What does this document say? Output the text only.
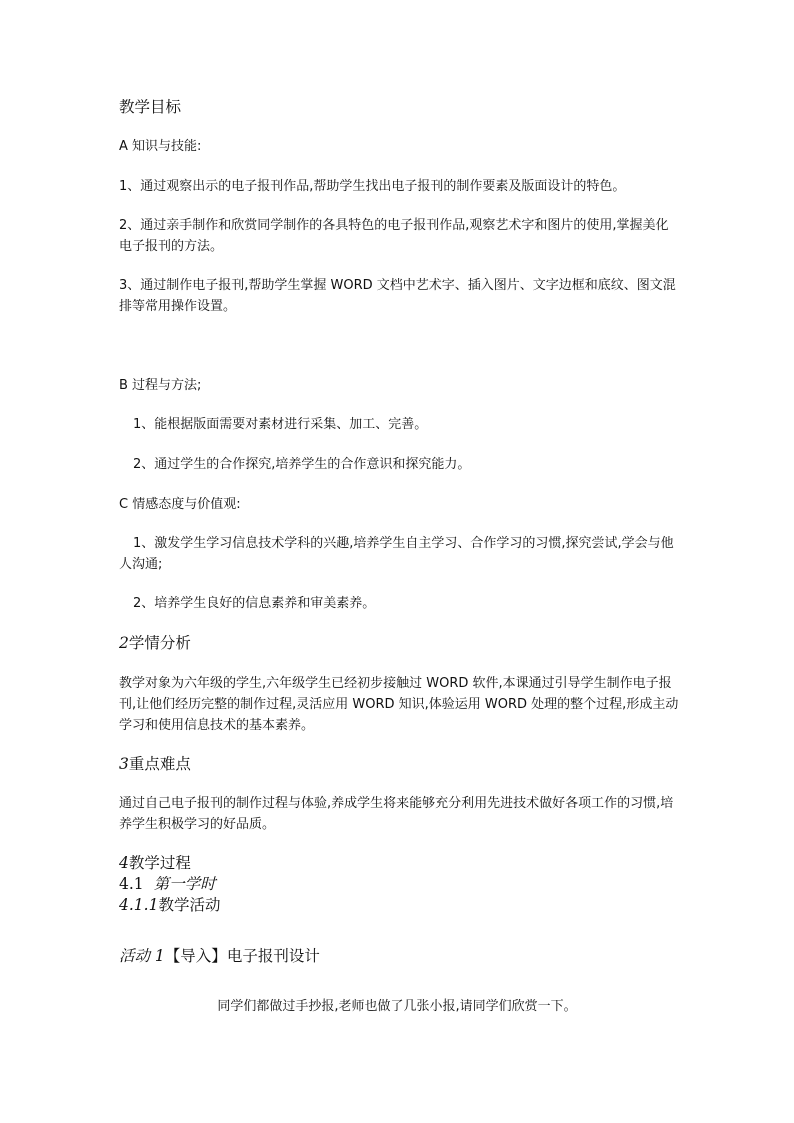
教学目标

A 知识与技能:

1、通过观察出示的电子报刊作品,帮助学生找出电子报刊的制作要素及版面设计的特色。

2、通过亲手制作和欣赏同学制作的各具特色的电子报刊作品,观察艺术字和图片的使用,掌握美化电子报刊的方法。

3、通过制作电子报刊,帮助学生掌握 WORD 文档中艺术字、插入图片、文字边框和底纹、图文混排等常用操作设置。

B 过程与方法;

1、能根据版面需要对素材进行采集、加工、完善。

2、通过学生的合作探究,培养学生的合作意识和探究能力。

C 情感态度与价值观:

1、激发学生学习信息技术学科的兴趣,培养学生自主学习、合作学习的习惯,探究尝试,学会与他人沟通;

2、培养学生良好的信息素养和审美素养。

2学情分析

教学对象为六年级的学生,六年级学生已经初步接触过 WORD 软件,本课通过引导学生制作电子报刊,让他们经历完整的制作过程,灵活应用 WORD 知识,体验运用 WORD 处理的整个过程,形成主动学习和使用信息技术的基本素养。

3重点难点

通过自己电子报刊的制作过程与体验,养成学生将来能够充分利用先进技术做好各项工作的习惯,培养学生积极学习的好品质。

4教学过程

4.1 第一学时

4.1.1教学活动

活动 1【导入】电子报刊设计

同学们都做过手抄报,老师也做了几张小报,请同学们欣赏一下。
